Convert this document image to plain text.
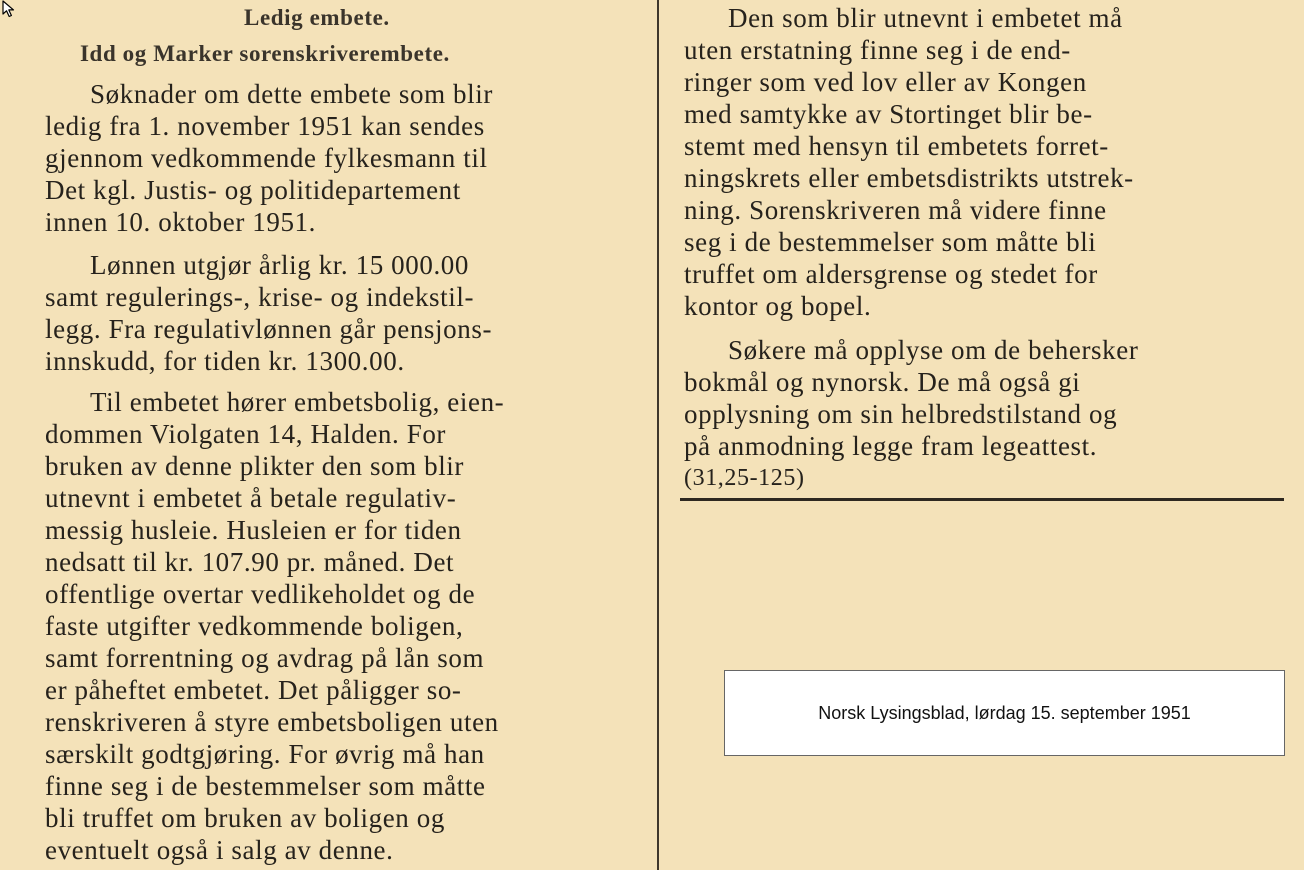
Ledig embete.
Idd og Marker sorenskriverembete.
Søknader om dette embete som blir
ledig fra 1. november 1951 kan sendes
gjennom vedkommende fylkesmann til
Det kgl. Justis- og politidepartement
innen 10. oktober 1951.
Lønnen utgjør årlig kr. 15 000.00
samt regulerings-, krise- og indekstil-
legg. Fra regulativlønnen går pensjons-
innskudd, for tiden kr. 1300.00.
Til embetet hører embetsbolig, eien-
dommen Violgaten 14, Halden. For
bruken av denne plikter den som blir
utnevnt i embetet å betale regulativ-
messig husleie. Husleien er for tiden
nedsatt til kr. 107.90 pr. måned. Det
offentlige overtar vedlikeholdet og de
faste utgifter vedkommende boligen,
samt forrentning og avdrag på lån som
er påheftet embetet. Det påligger so-
renskriveren å styre embetsboligen uten
særskilt godtgjøring. For øvrig må han
finne seg i de bestemmelser som måtte
bli truffet om bruken av boligen og
eventuelt også i salg av denne.
Den som blir utnevnt i embetet må
uten erstatning finne seg i de end-
ringer som ved lov eller av Kongen
med samtykke av Stortinget blir be-
stemt med hensyn til embetets forret-
ningskrets eller embetsdistrikts utstrek-
ning. Sorenskriveren må videre finne
seg i de bestemmelser som måtte bli
truffet om aldersgrense og stedet for
kontor og bopel.
Søkere må opplyse om de behersker
bokmål og nynorsk. De må også gi
opplysning om sin helbredstilstand og
på anmodning legge fram legeattest.
(31,25-125)
Norsk Lysingsblad, lørdag 15. september 1951
